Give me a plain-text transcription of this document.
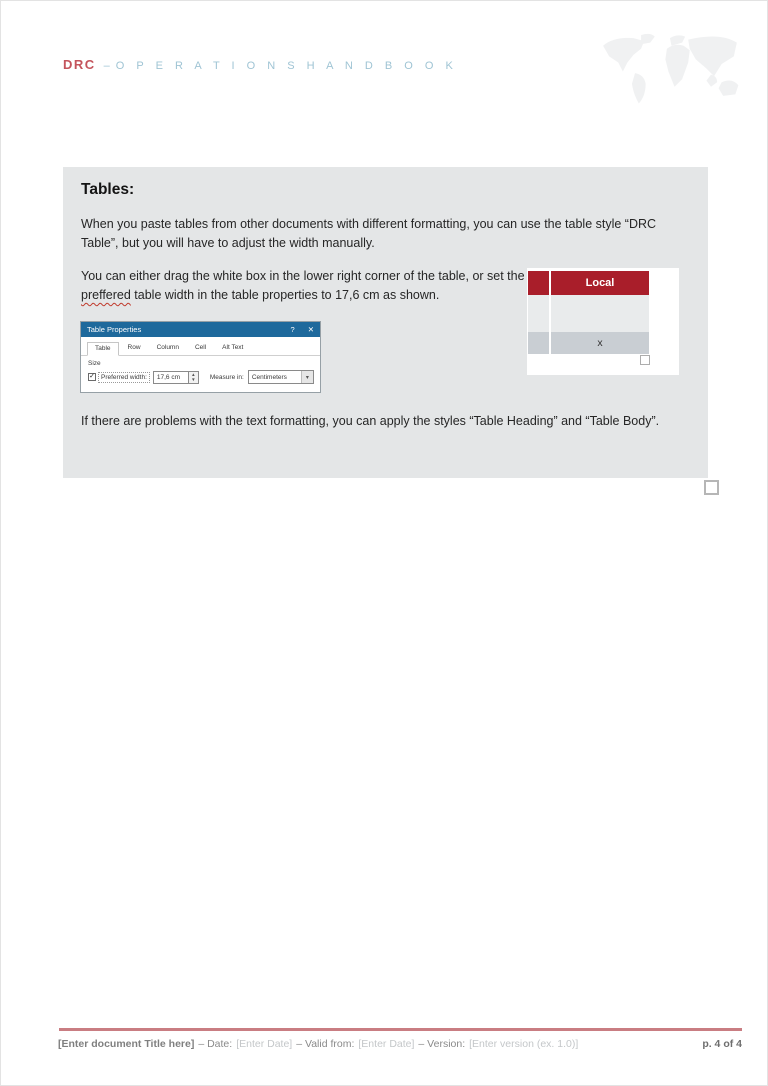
DRC – O P E R A T I O N S H A N D B O O K
Tables:

When you paste tables from other documents with different formatting, you can use the table style “DRC Table”, but you will have to adjust the width manually.

You can either drag the white box in the lower right corner of the table, or set the preffered table width in the table properties to 17,6 cm as shown.

Local
x
Table Properties	? ✕
Table	Row	Column	Cell	Alt Text
Size
✓ Preferred width:	17,6 cm	▲
▼ Measure in: Centimeters	▾

If there are problems with the text formatting, you can apply the styles “Table Heading” and “Table Body”.

[Enter document Title here] – Date: [Enter Date] – Valid from: [Enter Date] – Version: [Enter version (ex. 1.0)]	p. 4 of 4
